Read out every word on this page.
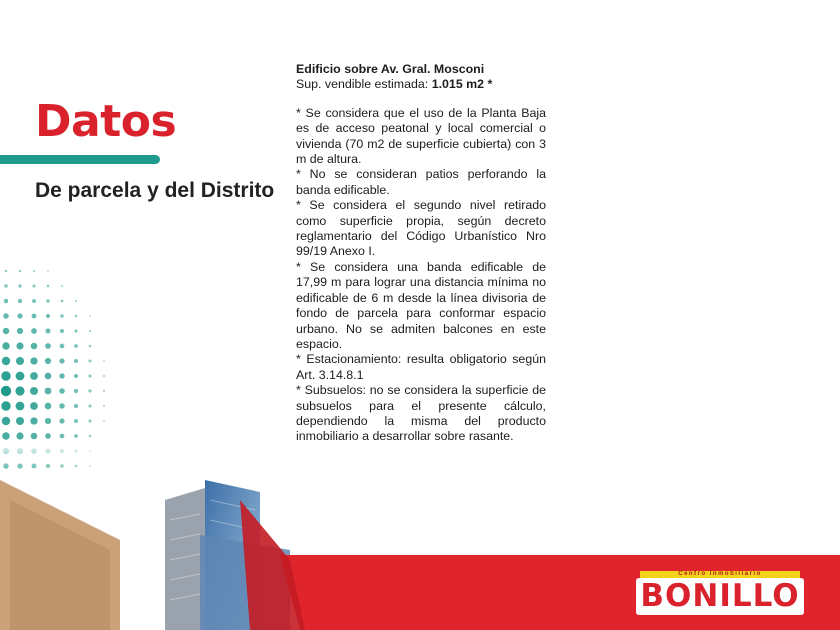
Datos
De parcela y del Distrito
Edificio sobre Av. Gral. Mosconi
Sup. vendible estimada: 1.015 m2 *

* Se considera que el uso de la Planta Baja es de acceso peatonal y local comercial o vivienda (70 m2 de superficie cubierta) con 3 m de altura.

* No se consideran patios perforando la banda edificable.

* Se considera el segundo nivel retirado como superficie propia, según decreto reglamentario del Código Urbanístico Nro 99/19 Anexo I.

* Se considera una banda edificable de 17,99 m para lograr una distancia mínima no edificable de 6 m desde la línea divisoria de fondo de parcela para conformar espacio urbano. No se admiten balcones en este espacio.

* Estacionamiento: resulta obligatorio según Art. 3.14.8.1

* Subsuelos: no se considera la superficie de subsuelos para el presente cálculo, dependiendo la misma del producto inmobiliario a desarrollar sobre rasante.

Centro Inmobiliario
BONILLO
